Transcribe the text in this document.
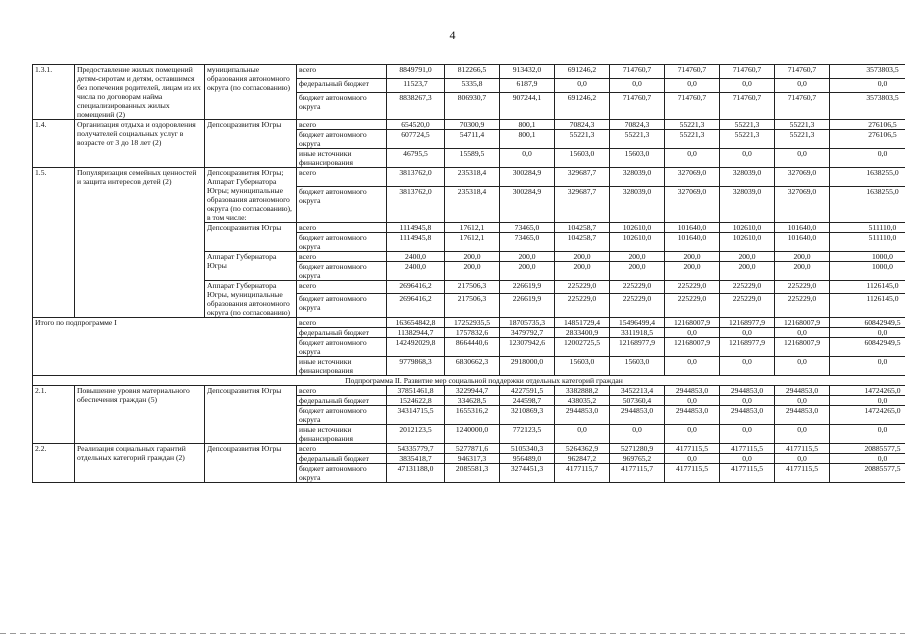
4
1.3.1.	Предоставление жилых помещений детям-сиротам и детям, оставшимся без попечения родителей, лицам из их числа по договорам найма специализированных жилых помещений (2)	муниципальные образования автономного округа (по согласованию)	всего	8849791,0	812266,5	913432,0	691246,2	714760,7	714760,7	714760,7	714760,7	3573803,5
			федеральный бюджет	11523,7	5335,8	6187,9	0,0	0,0	0,0	0,0	0,0	0,0
			бюджет автономного округа	8838267,3	806930,7	907244,1	691246,2	714760,7	714760,7	714760,7	714760,7	3573803,5
1.4.	Организация отдыха и оздоровления получателей социальных услуг в возрасте от 3 до 18 лет (2)	Депсоцразвития Югры	всего	654520,0	70300,9	800,1	70824,3	70824,3	55221,3	55221,3	55221,3	276106,5
			бюджет автономного округа	607724,5	54711,4	800,1	55221,3	55221,3	55221,3	55221,3	55221,3	276106,5
			иные источники финансирования	46795,5	15589,5	0,0	15603,0	15603,0	0,0	0,0	0,0	0,0
1.5.	Популяризация семейных ценностей и защита интересов детей (2)	Депсоцразвития Югры; Аппарат Губернатора Югры; муниципальные образования автономного округа (по согласованию), в том числе:	всего	3813762,0	235318,4	300284,9	329687,7	328039,0	327069,0	328039,0	327069,0	1638255,0
			бюджет автономного округа	3813762,0	235318,4	300284,9	329687,7	328039,0	327069,0	328039,0	327069,0	1638255,0
		Депсоцразвития Югры	всего	1114945,8	17612,1	73465,0	104258,7	102610,0	101640,0	102610,0	101640,0	511110,0
			бюджет автономного округа	1114945,8	17612,1	73465,0	104258,7	102610,0	101640,0	102610,0	101640,0	511110,0
		Аппарат Губернатора Югры	всего	2400,0	200,0	200,0	200,0	200,0	200,0	200,0	200,0	1000,0
			бюджет автономного округа	2400,0	200,0	200,0	200,0	200,0	200,0	200,0	200,0	1000,0
		Аппарат Губернатора Югры, муниципальные образования автономного округа (по согласованию)	всего	2696416,2	217506,3	226619,9	225229,0	225229,0	225229,0	225229,0	225229,0	1126145,0
			бюджет автономного округа	2696416,2	217506,3	226619,9	225229,0	225229,0	225229,0	225229,0	225229,0	1126145,0
Итого по подпрограмме I			всего	163654842,8	17252935,5	18705735,3	14851729,4	15496499,4	12168007,9	12168977,9	12168007,9	60842949,5
			федеральный бюджет	11382944,7	1757832,6	3479792,7	2833400,9	3311918,5	0,0	0,0	0,0	0,0
			бюджет автономного округа	142492029,8	8664440,6	12307942,6	12002725,5	12168977,9	12168007,9	12168977,9	12168007,9	60842949,5
			иные источники финансирования	9779868,3	6830662,3	2918000,0	15603,0	15603,0	0,0	0,0	0,0	0,0
Подпрограмма II. Развитие мер социальной поддержки отдельных категорий граждан												
2.1.	Повышение уровня материального обеспечения граждан (5)	Депсоцразвития Югры	всего	37851461,8	3229944,7	4227591,5	3382888,2	3452213,4	2944853,0	2944853,0	2944853,0	14724265,0
			федеральный бюджет	1524622,8	334628,5	244598,7	438035,2	507360,4	0,0	0,0	0,0	0,0
			бюджет автономного округа	34314715,5	1655316,2	3210869,3	2944853,0	2944853,0	2944853,0	2944853,0	2944853,0	14724265,0
			иные источники финансирования	2012123,5	1240000,0	772123,5	0,0	0,0	0,0	0,0	0,0	0,0
2.2.	Реализация социальных гарантий отдельных категорий граждан (2)	Депсоцразвития Югры	всего	54335779,7	5277871,6	5105340,3	5264362,9	5271280,9	4177115,5	4177115,5	4177115,5	20885577,5
			федеральный бюджет	3835418,7	946317,3	956489,0	962847,2	969765,2	0,0	0,0	0,0	0,0
			бюджет автономного округа	47131188,0	2085581,3	3274451,3	4177115,7	4177115,7	4177115,5	4177115,5	4177115,5	20885577,5
